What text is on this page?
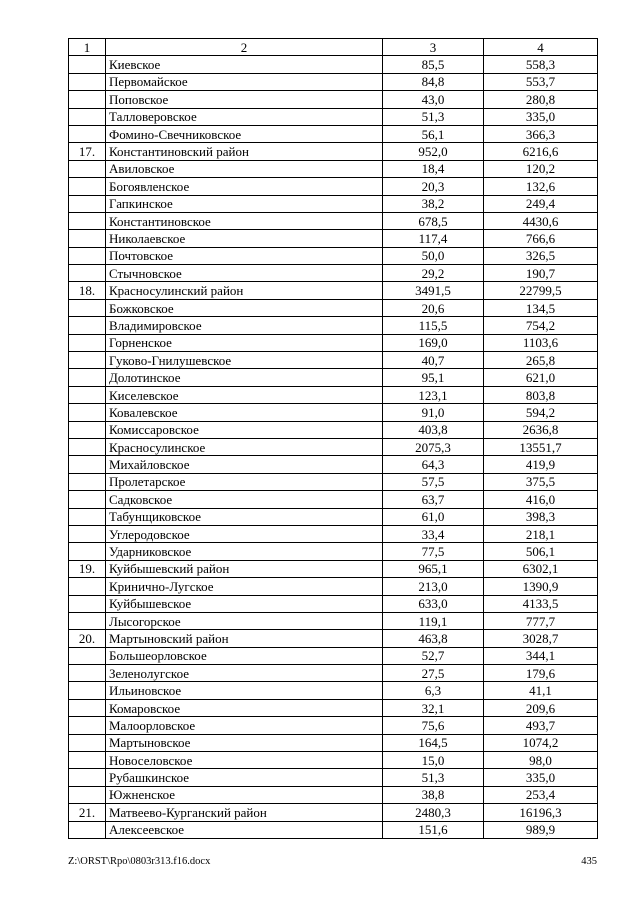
1	2	3	4
	Киевское	85,5	558,3
	Первомайское	84,8	553,7
	Поповское	43,0	280,8
	Талловеровское	51,3	335,0
	Фомино-Свечниковское	56,1	366,3
17.	Константиновский район	952,0	6216,6
	Авиловское	18,4	120,2
	Богоявленское	20,3	132,6
	Гапкинское	38,2	249,4
	Константиновское	678,5	4430,6
	Николаевское	117,4	766,6
	Почтовское	50,0	326,5
	Стычновское	29,2	190,7
18.	Красносулинский район	3491,5	22799,5
	Божковское	20,6	134,5
	Владимировское	115,5	754,2
	Горненское	169,0	1103,6
	Гуково-Гнилушевское	40,7	265,8
	Долотинское	95,1	621,0
	Киселевское	123,1	803,8
	Ковалевское	91,0	594,2
	Комиссаровское	403,8	2636,8
	Красносулинское	2075,3	13551,7
	Михайловское	64,3	419,9
	Пролетарское	57,5	375,5
	Садковское	63,7	416,0
	Табунщиковское	61,0	398,3
	Углеродовское	33,4	218,1
	Ударниковское	77,5	506,1
19.	Куйбышевский район	965,1	6302,1
	Кринично-Лугское	213,0	1390,9
	Куйбышевское	633,0	4133,5
	Лысогорское	119,1	777,7
20.	Мартыновский район	463,8	3028,7
	Большеорловское	52,7	344,1
	Зеленолугское	27,5	179,6
	Ильиновское	6,3	41,1
	Комаровское	32,1	209,6
	Малоорловское	75,6	493,7
	Мартыновское	164,5	1074,2
	Новоселовское	15,0	98,0
	Рубашкинское	51,3	335,0
	Южненское	38,8	253,4
21.	Матвеево-Курганский район	2480,3	16196,3
	Алексеевское	151,6	989,9
Z:\ORST\Rpo\0803r313.f16.docx	435
